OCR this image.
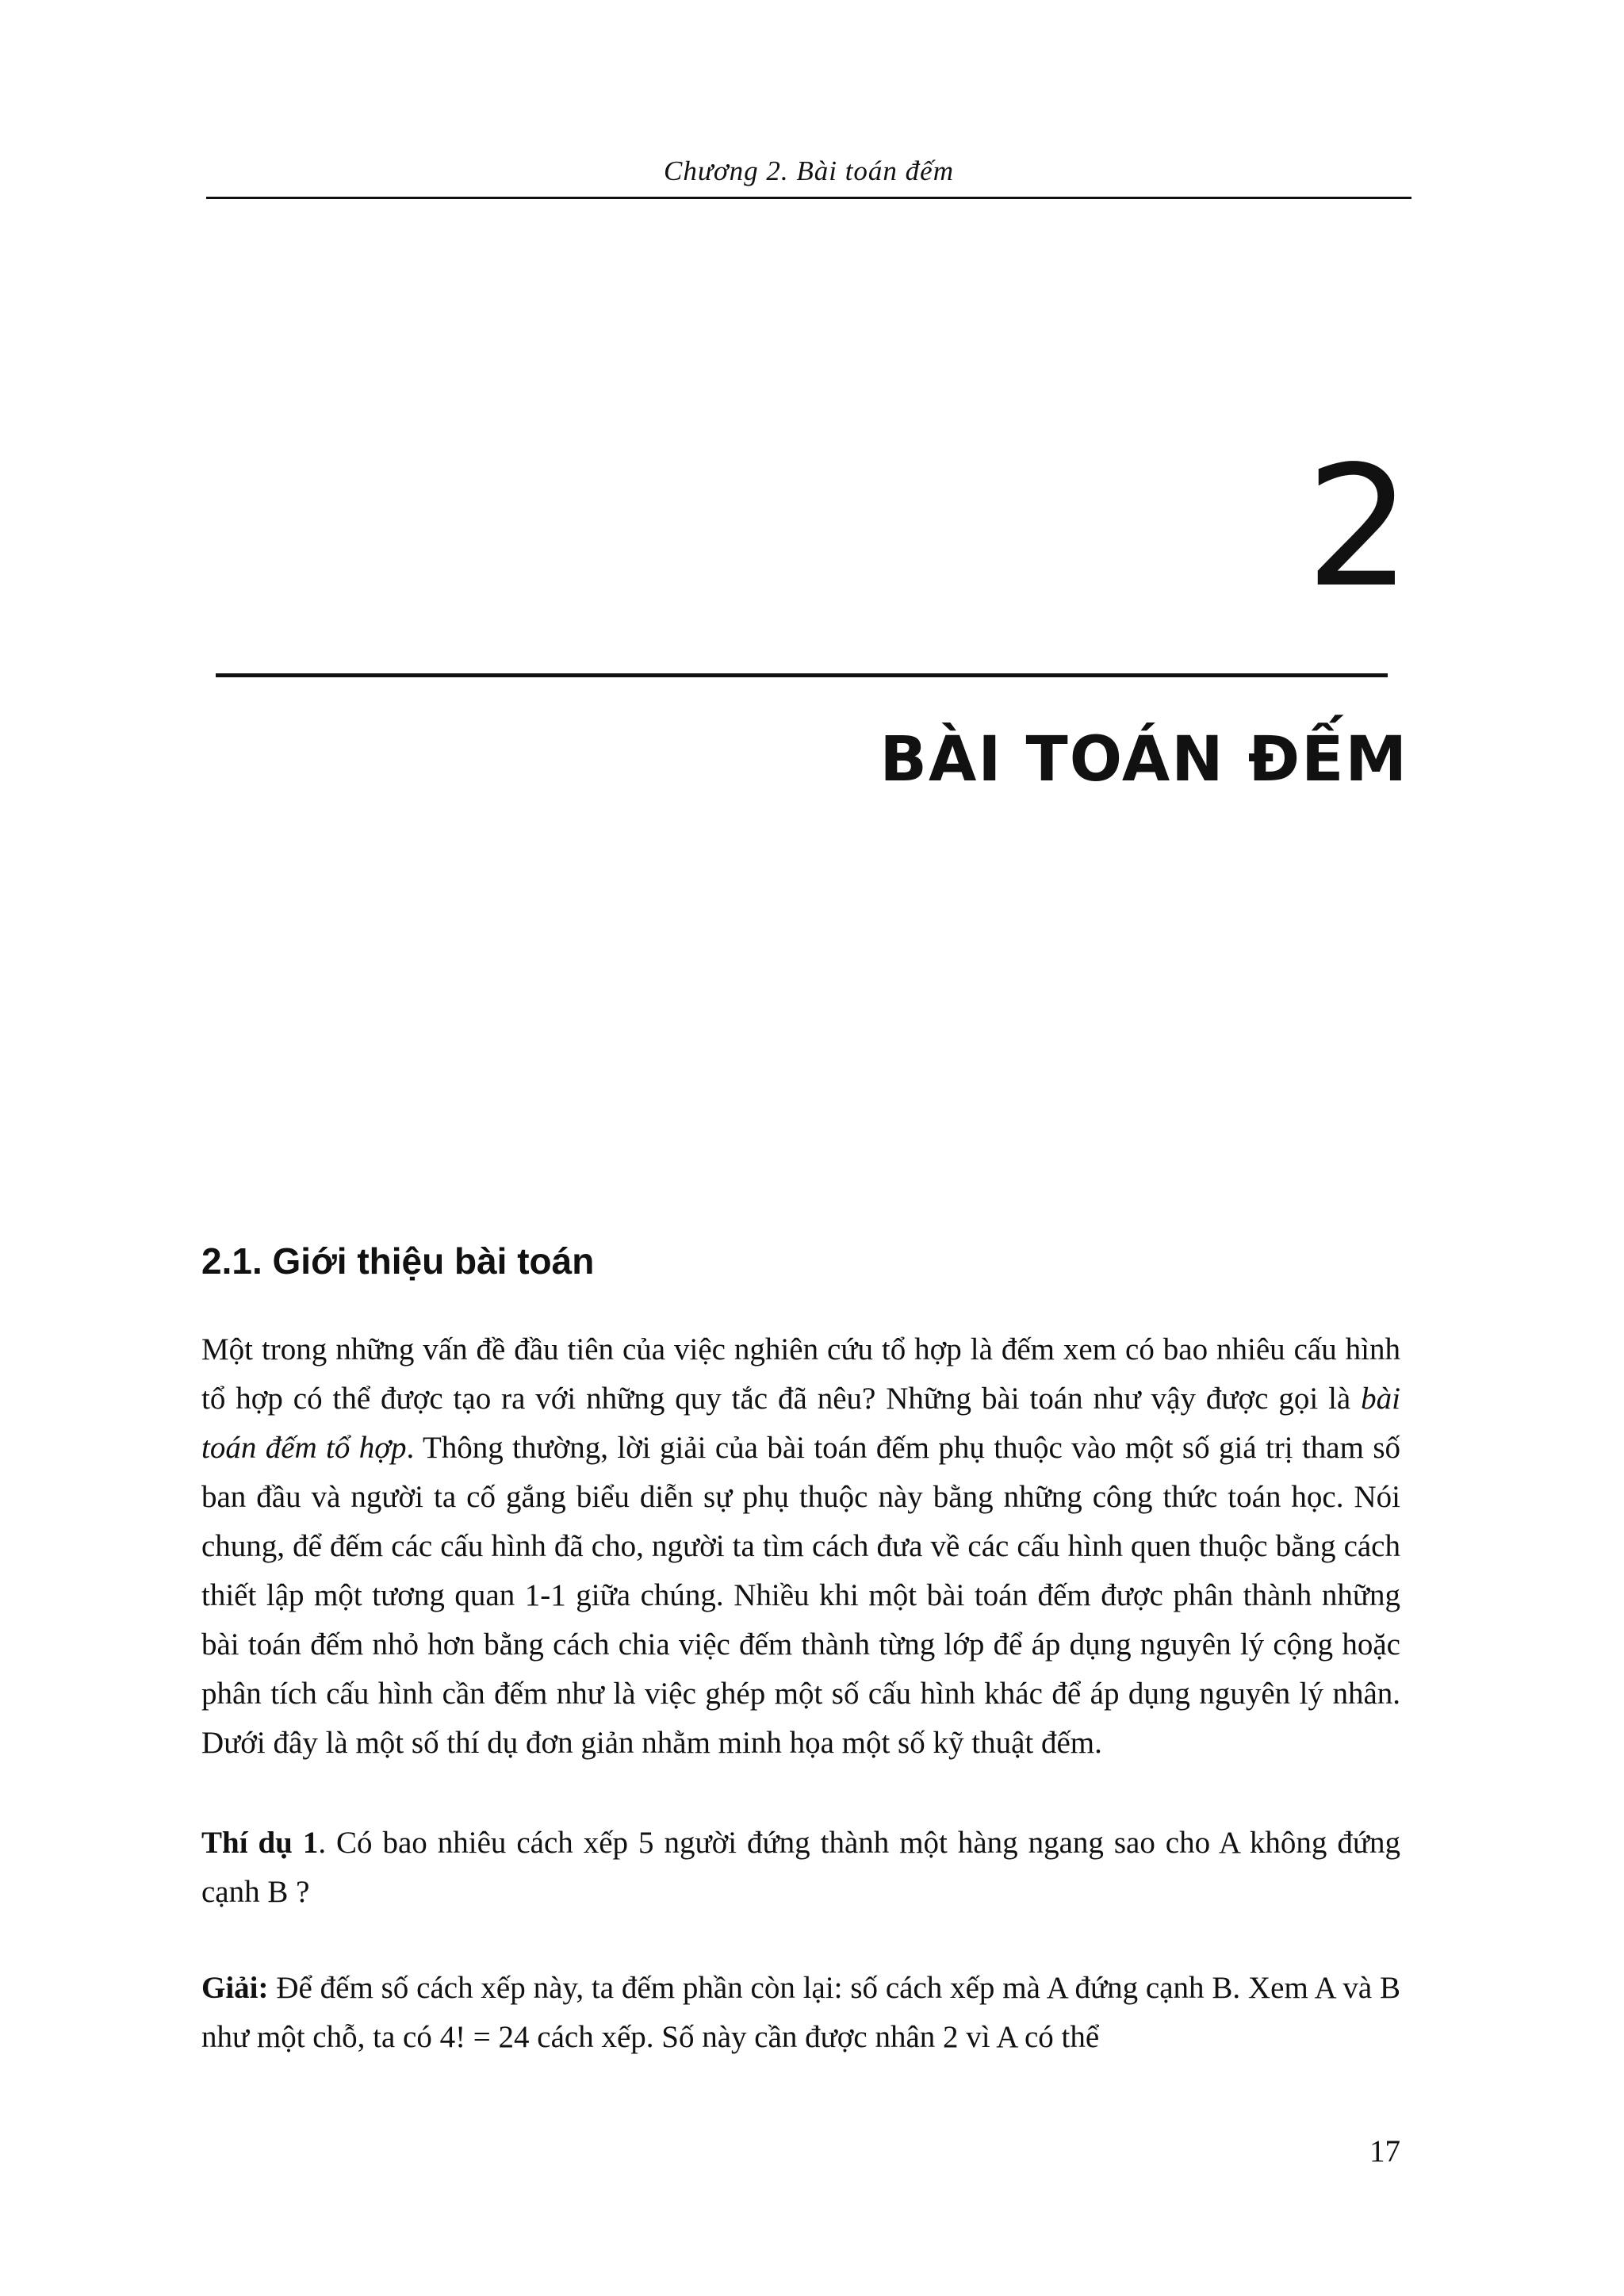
Chương 2. Bài toán đếm
2
BÀI TOÁN ĐẾM
2.1. Giới thiệu bài toán

Một trong những vấn đề đầu tiên của việc nghiên cứu tổ hợp là đếm xem có bao nhiêu cấu hình tổ hợp có thể được tạo ra với những quy tắc đã nêu? Những bài toán như vậy được gọi là bài toán đếm tổ hợp. Thông thường, lời giải của bài toán đếm phụ thuộc vào một số giá trị tham số ban đầu và người ta cố gắng biểu diễn sự phụ thuộc này bằng những công thức toán học. Nói chung, để đếm các cấu hình đã cho, người ta tìm cách đưa về các cấu hình quen thuộc bằng cách thiết lập một tương quan 1-1 giữa chúng. Nhiều khi một bài toán đếm được phân thành những bài toán đếm nhỏ hơn bằng cách chia việc đếm thành từng lớp để áp dụng nguyên lý cộng hoặc phân tích cấu hình cần đếm như là việc ghép một số cấu hình khác để áp dụng nguyên lý nhân. Dưới đây là một số thí dụ đơn giản nhằm minh họa một số kỹ thuật đếm.

Thí dụ 1. Có bao nhiêu cách xếp 5 người đứng thành một hàng ngang sao cho A không đứng cạnh B ?

Giải: Để đếm số cách xếp này, ta đếm phần còn lại: số cách xếp mà A đứng cạnh B. Xem A và B như một chỗ, ta có 4! = 24 cách xếp. Số này cần được nhân 2 vì A có thể

17
